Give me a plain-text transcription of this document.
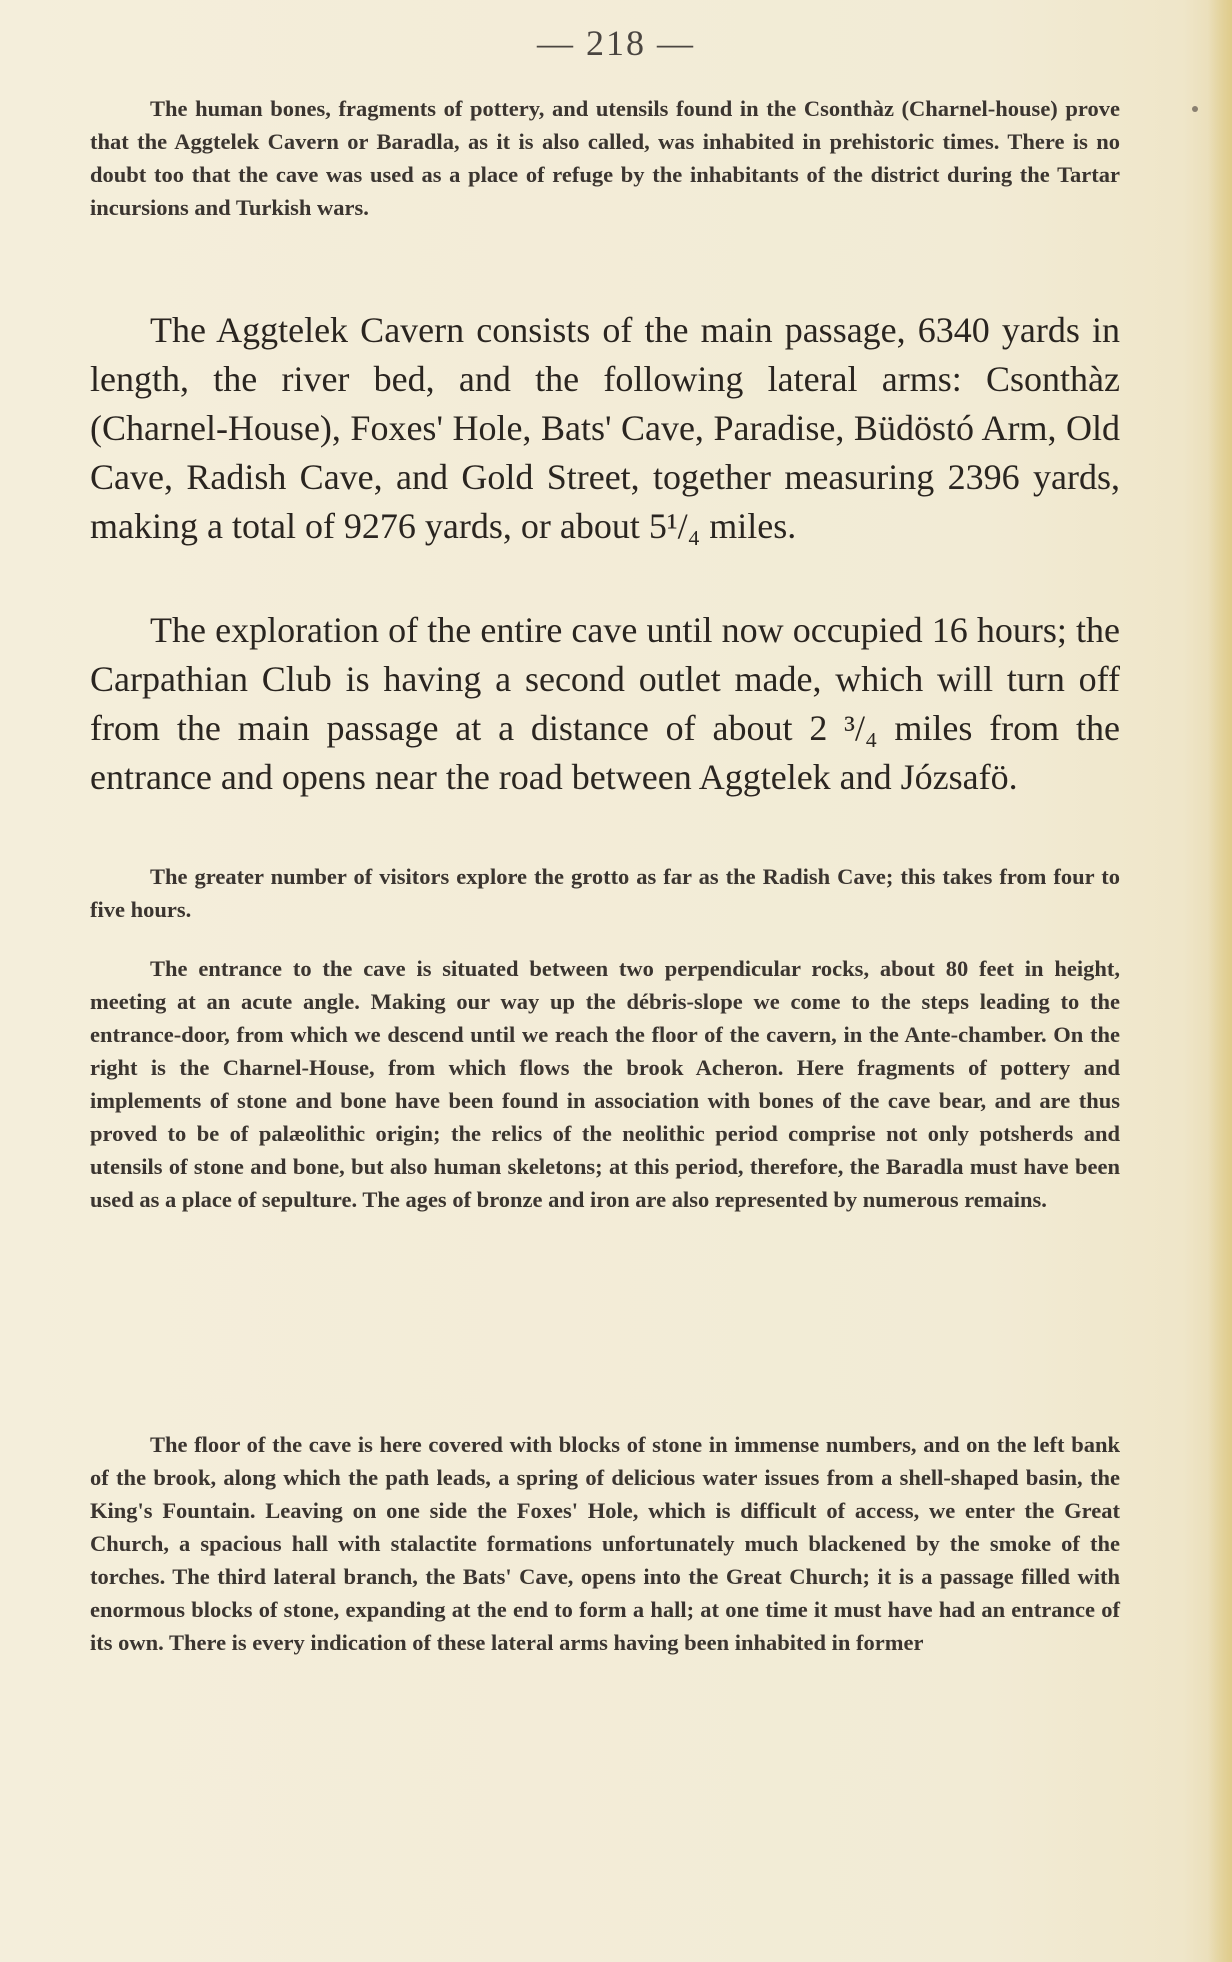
— 218 —

The human bones, fragments of pottery, and utensils found in the Csonthàz (Charnel-house) prove that the Aggtelek Cavern or Baradla, as it is also called, was inhabited in prehistoric times. There is no doubt too that the cave was used as a place of refuge by the inhabitants of the district during the Tartar incursions and Turkish wars.

The Aggtelek Cavern consists of the main passage, 6340 yards in length, the river bed, and the following lateral arms: Csonthàz (Charnel-House), Foxes' Hole, Bats' Cave, Paradise, Büdöstó Arm, Old Cave, Radish Cave, and Gold Street, together measuring 2396 yards, making a total of 9276 yards, or about 5¹/₄ miles.

The exploration of the entire cave until now occupied 16 hours; the Carpathian Club is having a second outlet made, which will turn off from the main passage at a distance of about 2 ³/₄ miles from the entrance and opens near the road between Aggtelek and Józsafö.

The greater number of visitors explore the grotto as far as the Radish Cave; this takes from four to five hours.

The entrance to the cave is situated between two perpendicular rocks, about 80 feet in height, meeting at an acute angle. Making our way up the débris-slope we come to the steps leading to the entrance-door, from which we descend until we reach the floor of the cavern, in the Ante-chamber. On the right is the Charnel-House, from which flows the brook Acheron. Here fragments of pottery and implements of stone and bone have been found in association with bones of the cave bear, and are thus proved to be of palæolithic origin; the relics of the neolithic period comprise not only potsherds and utensils of stone and bone, but also human skeletons; at this period, therefore, the Baradla must have been used as a place of sepulture. The ages of bronze and iron are also represented by numerous remains.

The floor of the cave is here covered with blocks of stone in immense numbers, and on the left bank of the brook, along which the path leads, a spring of delicious water issues from a shell-shaped basin, the King's Fountain. Leaving on one side the Foxes' Hole, which is difficult of access, we enter the Great Church, a spacious hall with stalactite formations unfortunately much blackened by the smoke of the torches. The third lateral branch, the Bats' Cave, opens into the Great Church; it is a passage filled with enormous blocks of stone, expanding at the end to form a hall; at one time it must have had an entrance of its own. There is every indication of these lateral arms having been inhabited in former
